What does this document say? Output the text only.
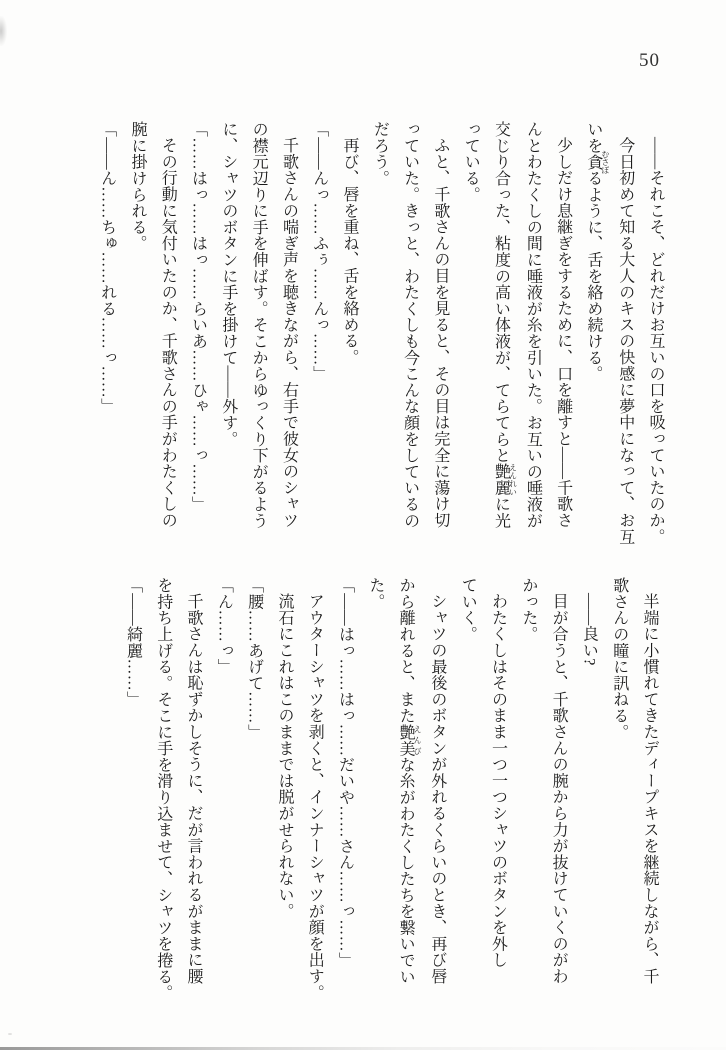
50

——それこそ、どれだけお互いの口を吸っていたのか。

今日初めて知る大人のキスの快感に夢中になって、お互

いを貪 むさぼるように、舌を絡め続ける。

少しだけ息継ぎをするために、口を離すと——千歌さ

んとわたくしの間に唾液が糸を引いた。お互いの唾液が

交じり合った、粘度の高い体液が、てらてらと艶麗 えんれいに光

っている。

ふと、千歌さんの目を見ると、その目は完全に蕩け切

っていた。きっと、わたくしも今こんな顔をしているの

だろう。

再び、唇を重ね、舌を絡める。

「——んっ……ふぅ……んっ……」

千歌さんの喘ぎ声を聴きながら、右手で彼女のシャツ

の襟元辺りに手を伸ばす。そこからゆっくり下がるよう

に、シャツのボタンに手を掛けて——外す。

「……はっ……はっ……らいあ……ひゃ……っ……」

その行動に気付いたのか、千歌さんの手がわたくしの

腕に掛けられる。

「——ん……ちゅ……れる……っ……」

半端に小慣れてきたディープキスを継続しながら、千

歌さんの瞳に訊ねる。

——良い?

目が合うと、千歌さんの腕から力が抜けていくのがわ

かった。

わたくしはそのまま一つ一つシャツのボタンを外し

ていく。

シャツの最後のボタンが外れるくらいのとき、再び唇

から離れると、また艶美 えんびな糸がわたくしたちを繋いでい

た。

「——はっ……はっ……だいや……さん……っ……」

アウターシャツを剥くと、インナーシャツが顔を出す。

流石にこれはこのままでは脱がせられない。

「腰……あげて……」

「ん……っ」

千歌さんは恥ずかしそうに、だが言われるがままに腰

を持ち上げる。そこに手を滑り込ませて、シャツを捲る。

「——綺麗……」
